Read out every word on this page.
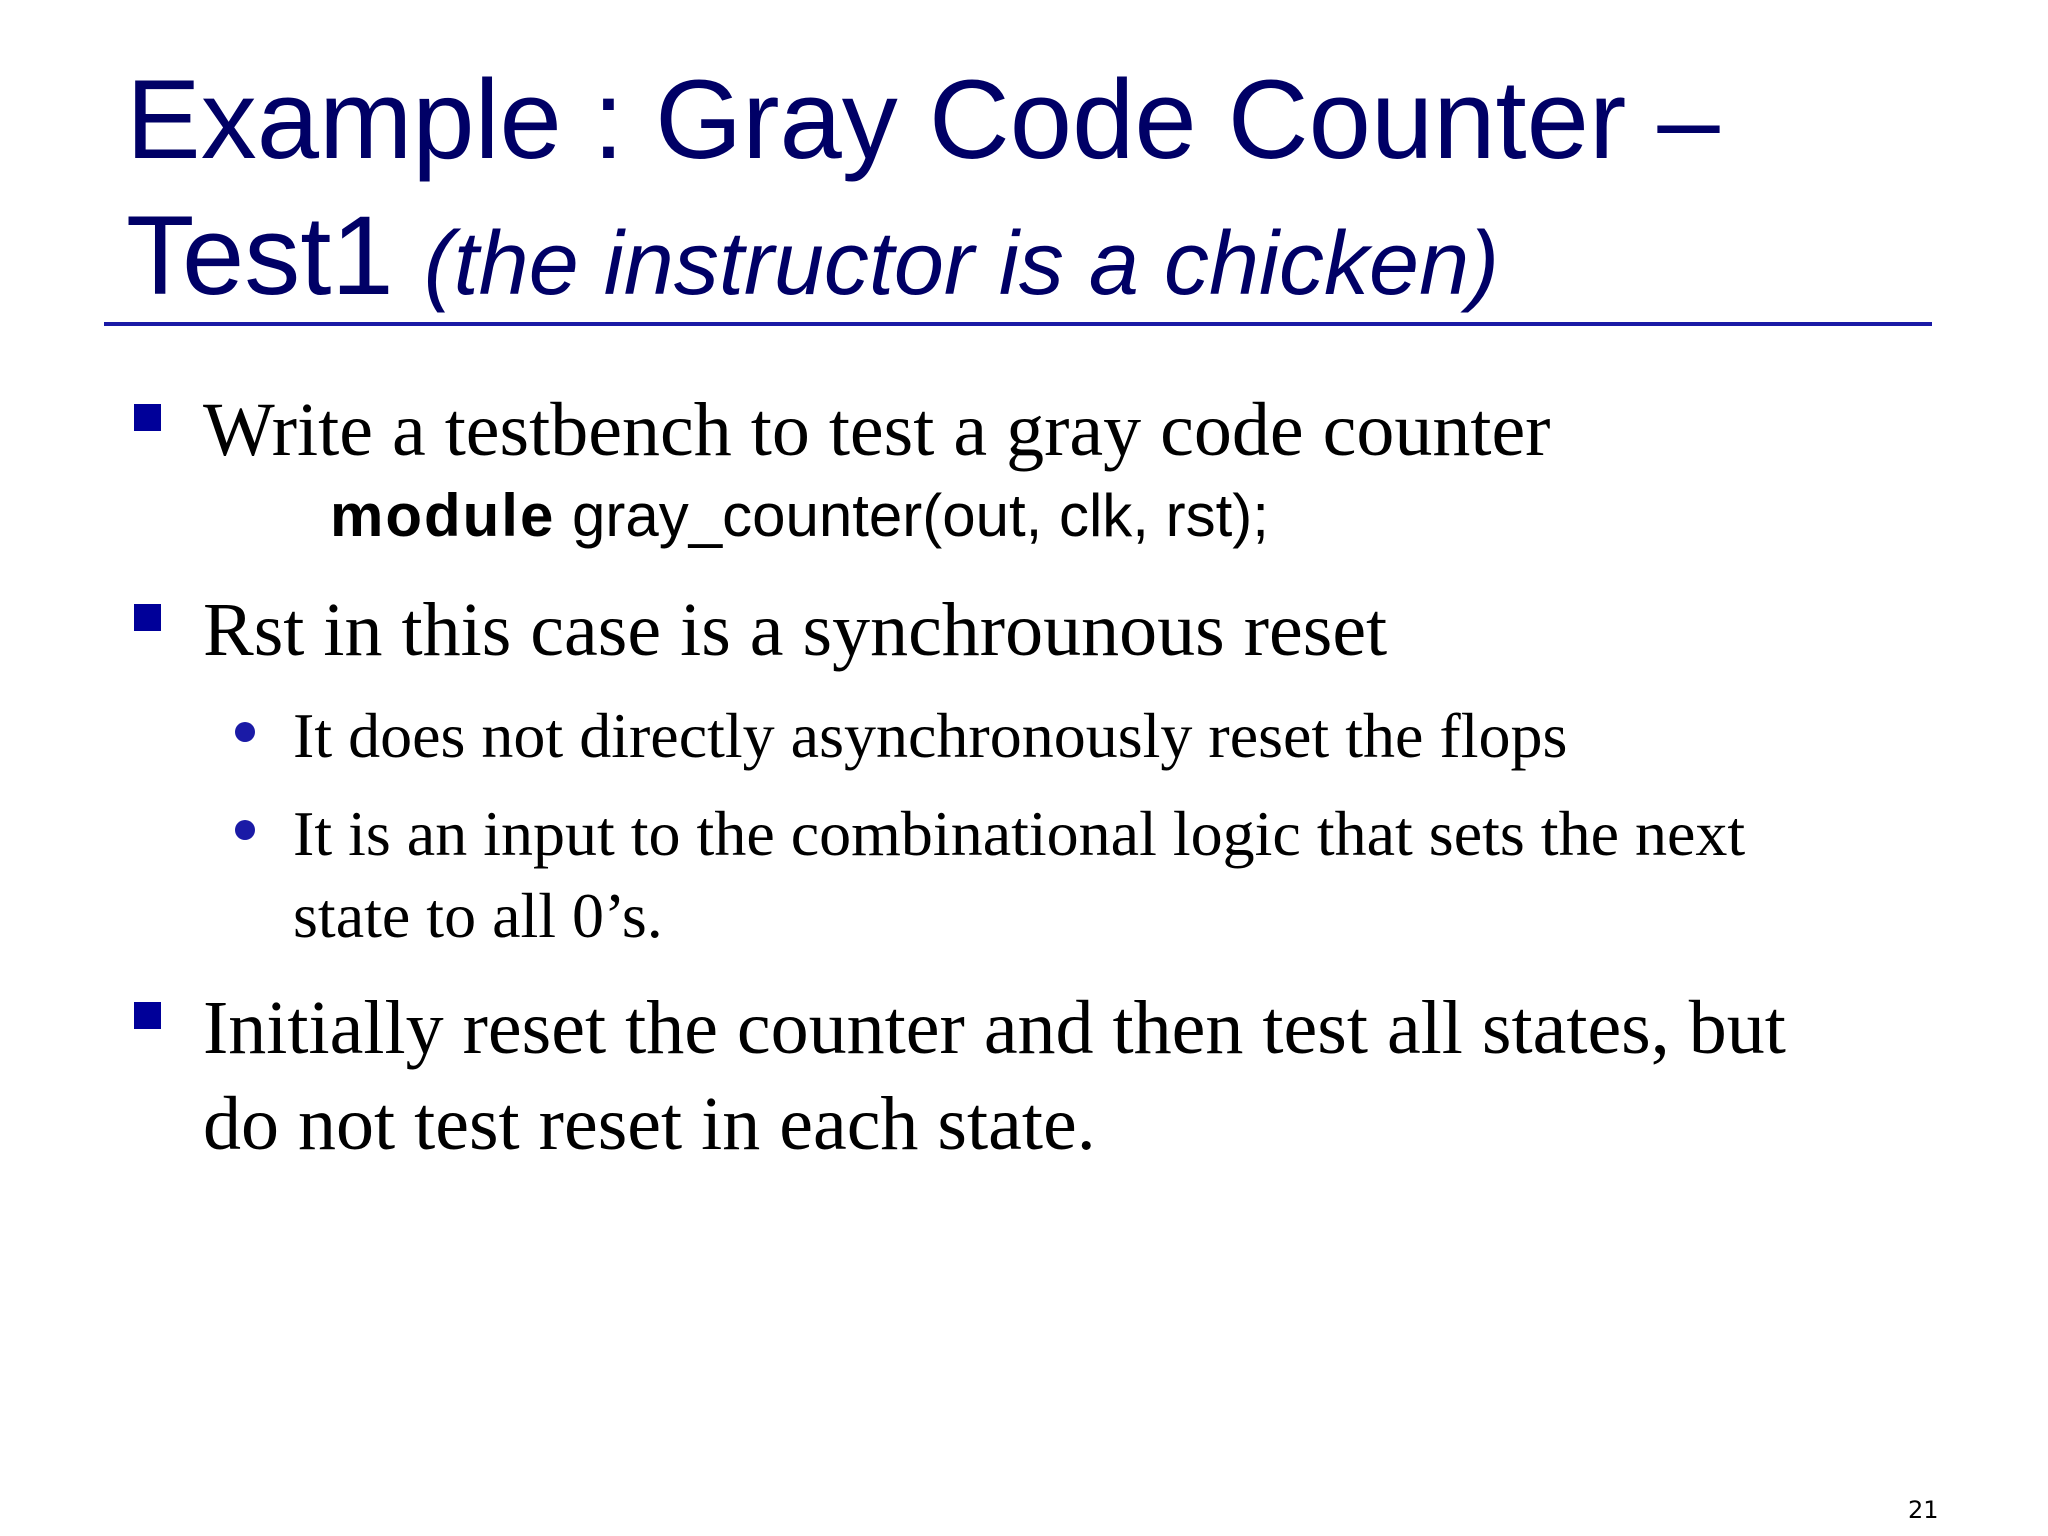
Example : Gray Code Counter –
Test1 (the instructor is a chicken)
Write a testbench to test a gray code counter
module gray_counter(out, clk, rst);
Rst in this case is a synchrounous reset
It does not directly asynchronously reset the flops
It is an input to the combinational logic that sets the next
state to all 0’s.
Initially reset the counter and then test all states, but
do not test reset in each state.
21
